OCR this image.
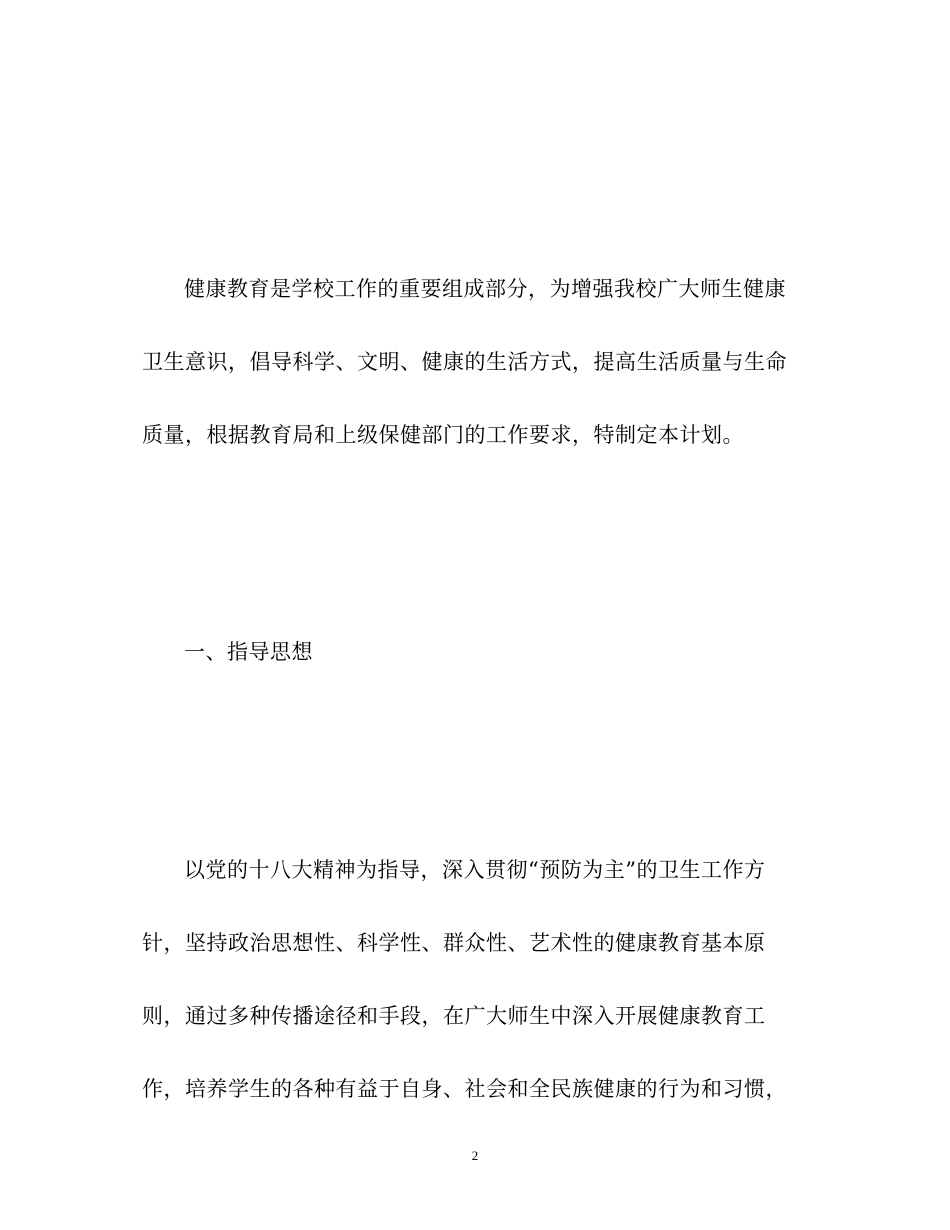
健康教育是学校工作的重要组成部分，为增强我校广大师生健康
卫生意识，倡导科学、文明、健康的生活方式，提高生活质量与生命
质量，根据教育局和上级保健部门的工作要求，特制定本计划。
一、指导思想
以党的十八大精神为指导，深入贯彻“预防为主”的卫生工作方
针，坚持政治思想性、科学性、群众性、艺术性的健康教育基本原
则，通过多种传播途径和手段，在广大师生中深入开展健康教育工
作，培养学生的各种有益于自身、社会和全民族健康的行为和习惯，
2
